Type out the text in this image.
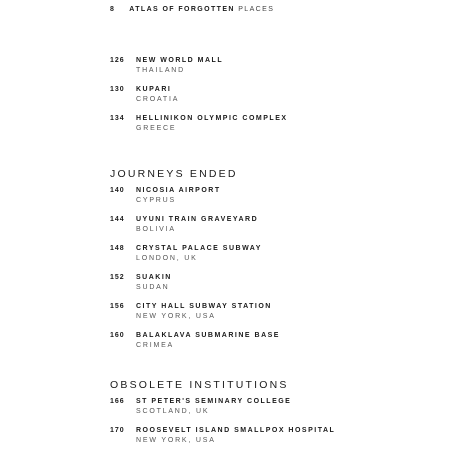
8 ATLAS OF FORGOTTEN PLACES
126	NEW WORLD MALL
THAILAND
130	KUPARI
CROATIA
134	HELLINIKON OLYMPIC COMPLEX
GREECE
JOURNEYS ENDED
140	NICOSIA AIRPORT
CYPRUS
144	UYUNI TRAIN GRAVEYARD
BOLIVIA
148	CRYSTAL PALACE SUBWAY
LONDON, UK
152	SUAKIN
SUDAN
156	CITY HALL SUBWAY STATION
NEW YORK, USA
160	BALAKLAVA SUBMARINE BASE
CRIMEA
OBSOLETE INSTITUTIONS
166	ST PETER'S SEMINARY COLLEGE
SCOTLAND, UK
170	ROOSEVELT ISLAND SMALLPOX HOSPITAL
NEW YORK, USA
